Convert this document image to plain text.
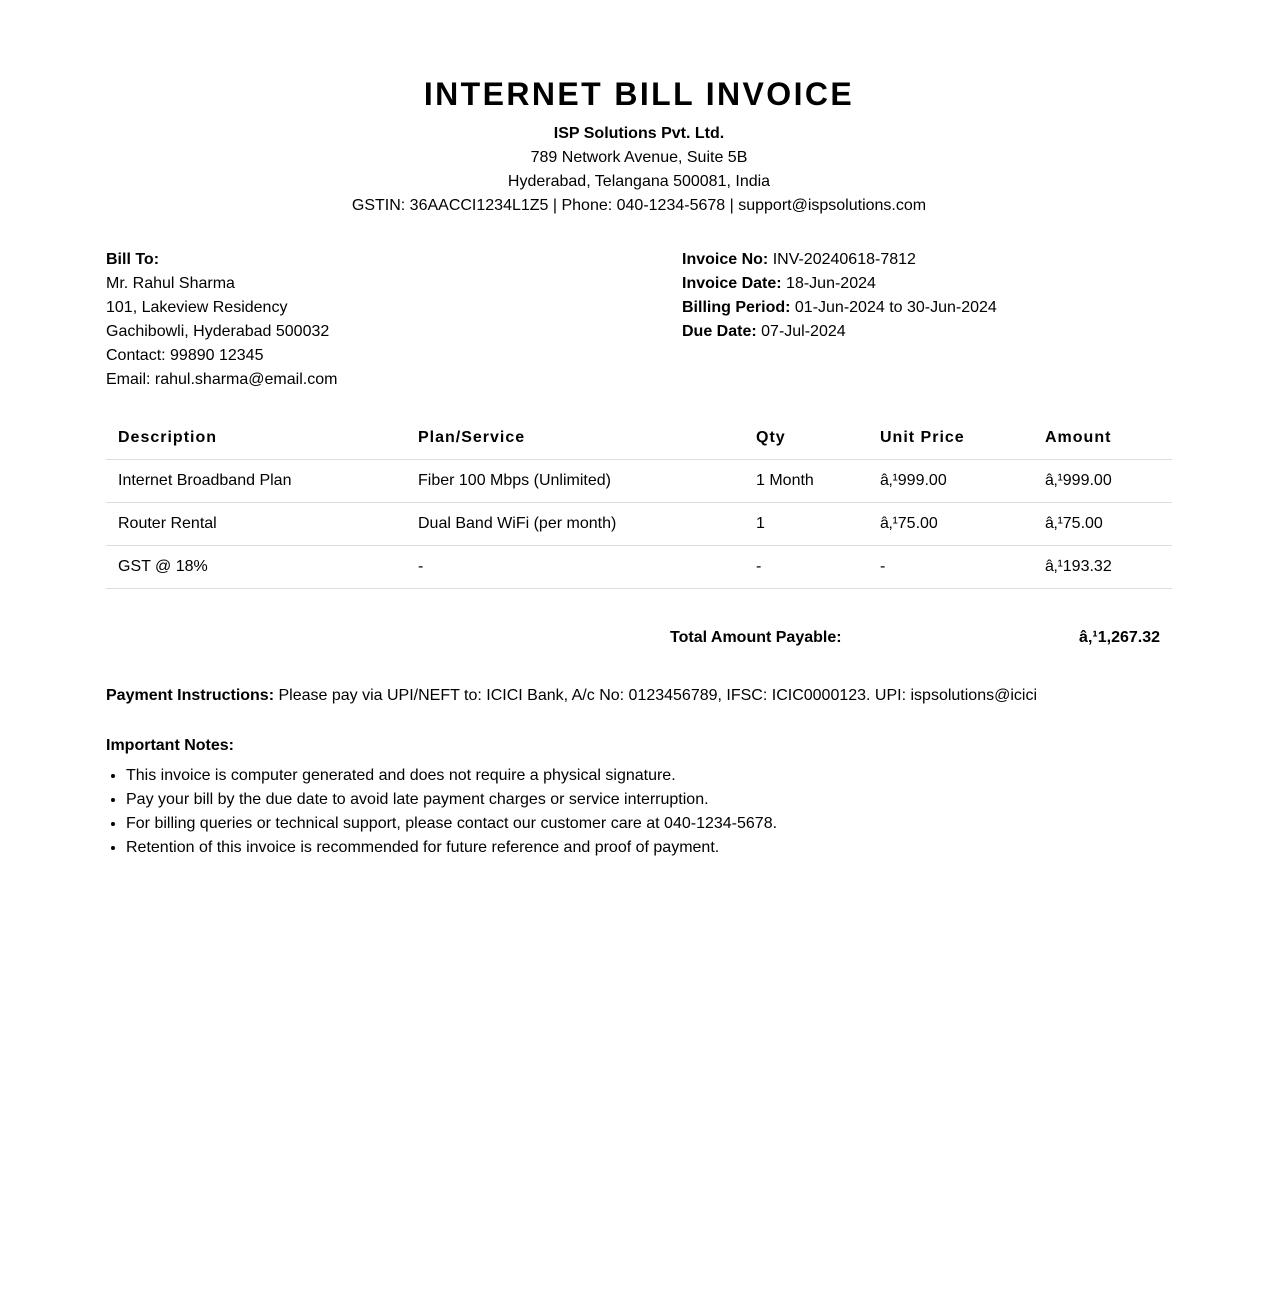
INTERNET BILL INVOICE
ISP Solutions Pvt. Ltd.
789 Network Avenue, Suite 5B
Hyderabad, Telangana 500081, India
GSTIN: 36AACCI1234L1Z5 | Phone: 040-1234-5678 | support@ispsolutions.com
Bill To:
Mr. Rahul Sharma
101, Lakeview Residency
Gachibowli, Hyderabad 500032
Contact: 99890 12345
Email: rahul.sharma@email.com
Invoice No: INV-20240618-7812
Invoice Date: 18-Jun-2024
Billing Period: 01-Jun-2024 to 30-Jun-2024
Due Date: 07-Jul-2024
Description	Plan/Service	Qty	Unit Price	Amount
Internet Broadband Plan	Fiber 100 Mbps (Unlimited)	1 Month	â‚¹999.00	â‚¹999.00
Router Rental	Dual Band WiFi (per month)	1	â‚¹75.00	â‚¹75.00
GST @ 18%	-	-	-	â‚¹193.32
Total Amount Payable:	â‚¹1,267.32
Payment Instructions: Please pay via UPI/NEFT to: ICICI Bank, A/c No: 0123456789, IFSC: ICIC0000123. UPI: ispsolutions@icici
Important Notes:
• This invoice is computer generated and does not require a physical signature.
• Pay your bill by the due date to avoid late payment charges or service interruption.
• For billing queries or technical support, please contact our customer care at 040-1234-5678.
• Retention of this invoice is recommended for future reference and proof of payment.
